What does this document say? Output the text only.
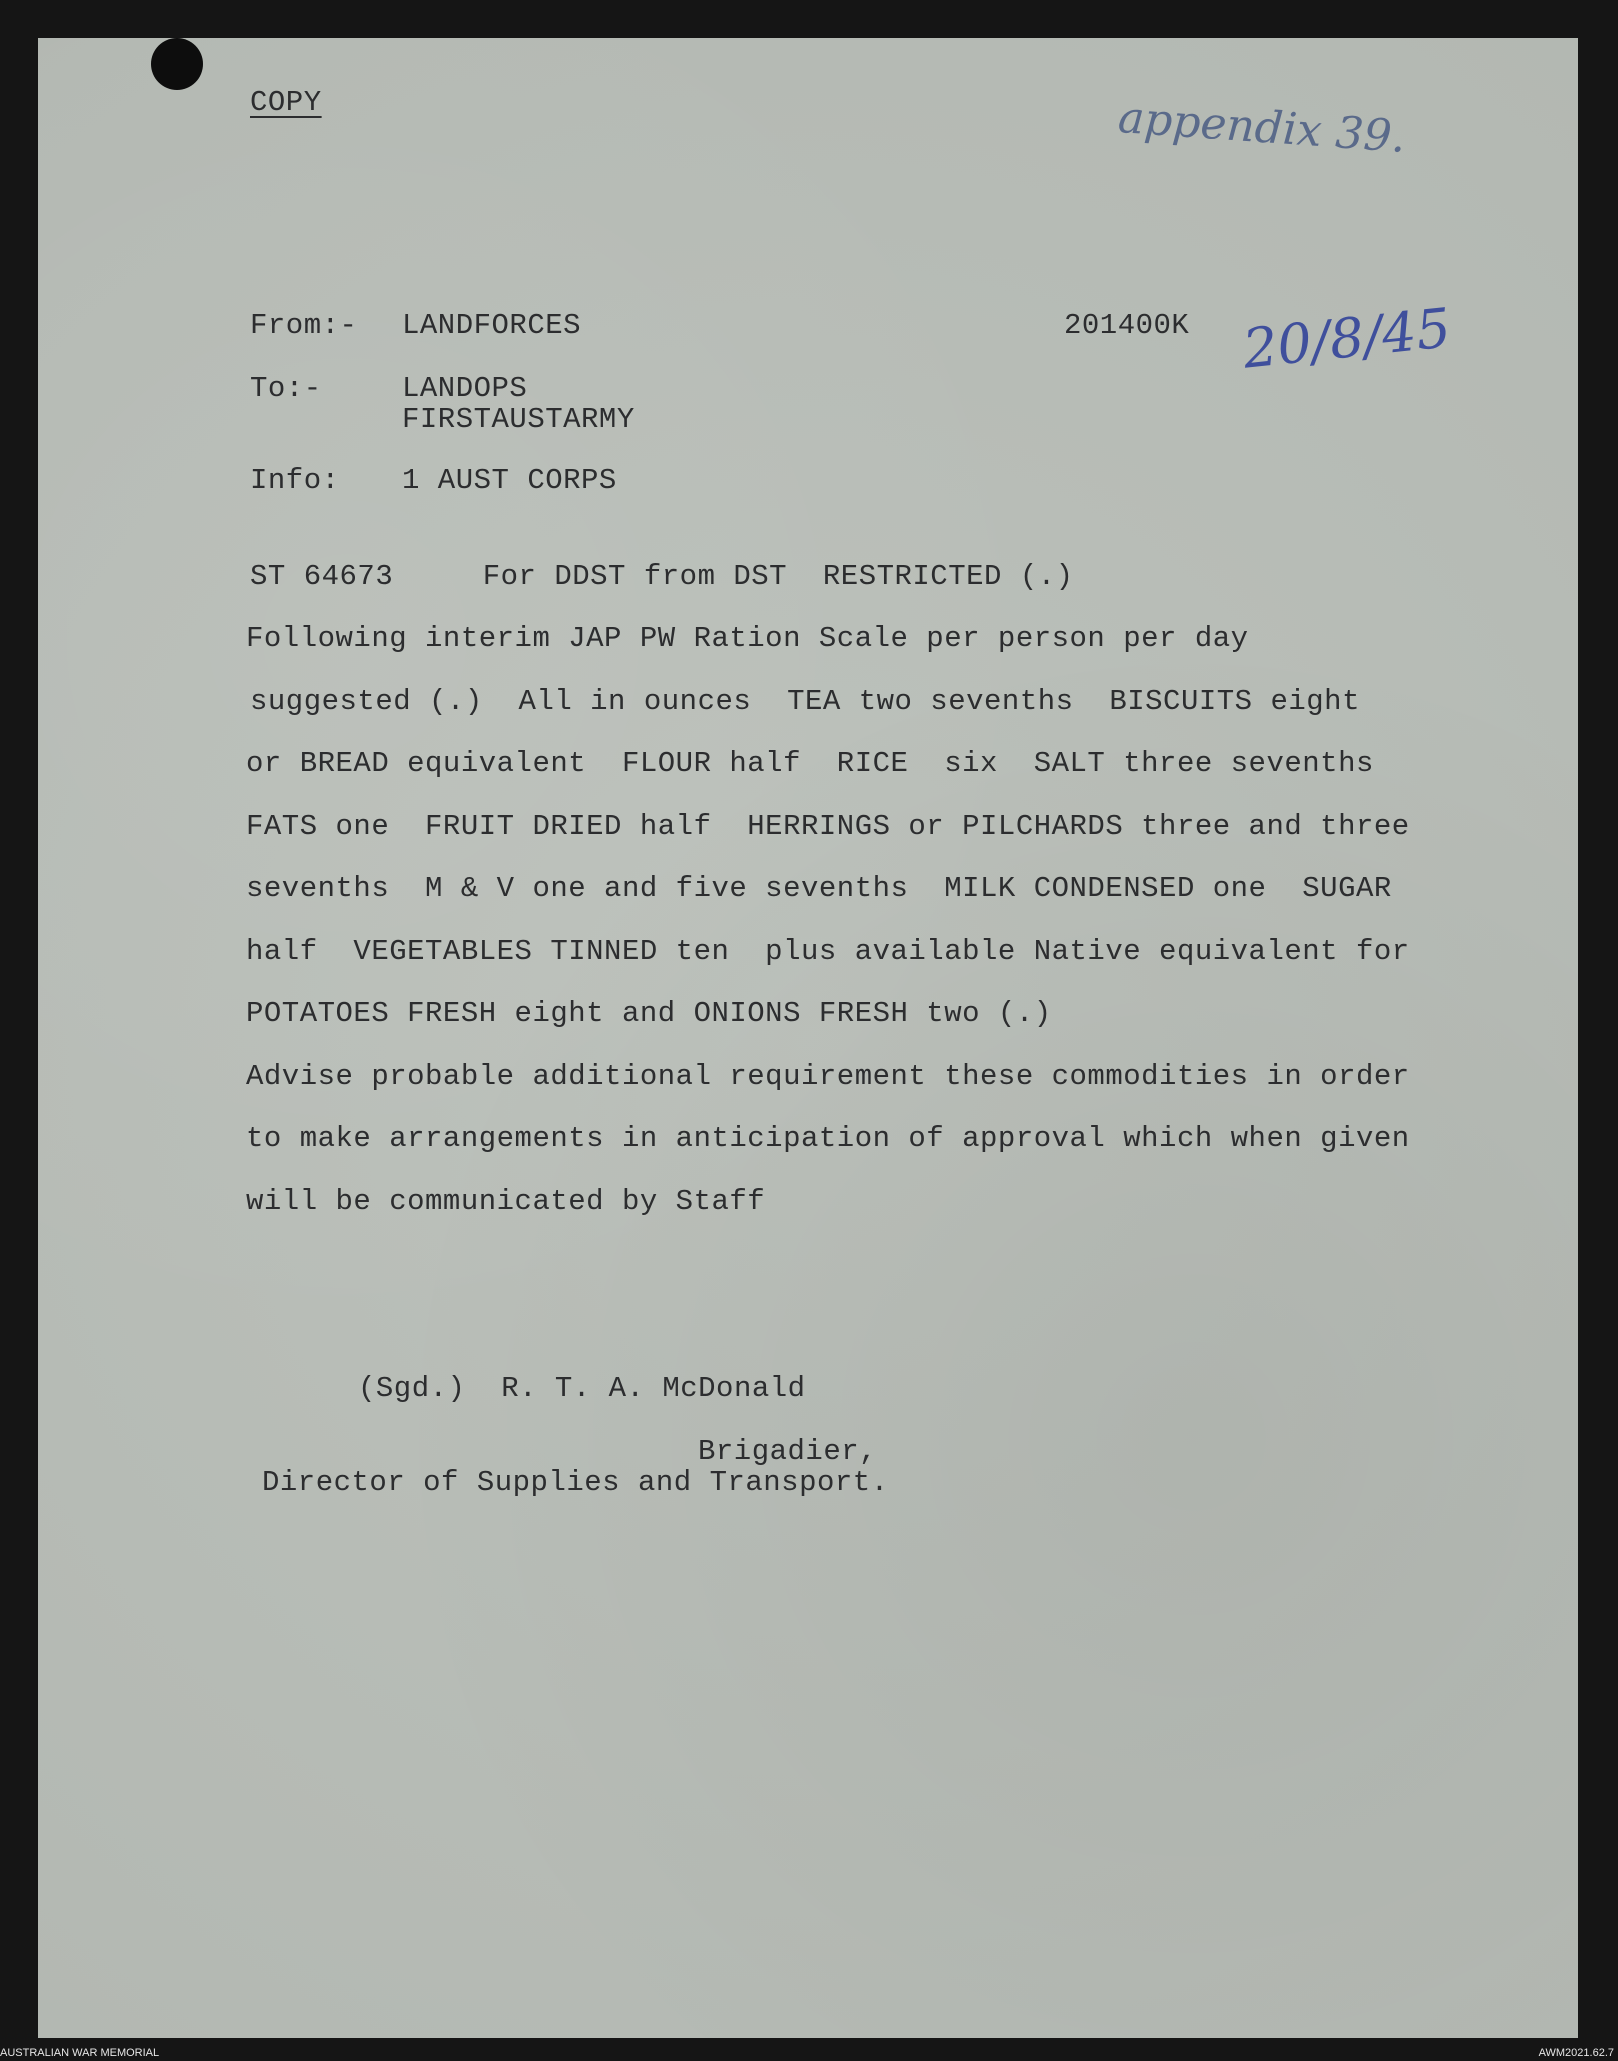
COPY	appendix 39.
From:- LANDFORCES	201400K 20/8/45
To:-	LANDOPS
FIRSTAUSTARMY
Info: 1 AUST CORPS
ST 64673     For DDST from DST  RESTRICTED (.)
Following interim JAP PW Ration Scale per person per day
suggested (.)  All in ounces  TEA two sevenths  BISCUITS eight
or BREAD equivalent  FLOUR half  RICE  six  SALT three sevenths
FATS one  FRUIT DRIED half  HERRINGS or PILCHARDS three and three
sevenths  M & V one and five sevenths  MILK CONDENSED one  SUGAR
half  VEGETABLES TINNED ten  plus available Native equivalent for
POTATOES FRESH eight and ONIONS FRESH two (.)
Advise probable additional requirement these commodities in order
to make arrangements in anticipation of approval which when given
will be communicated by Staff
(Sgd.)  R. T. A. McDonald
Brigadier,
Director of Supplies and Transport.
AUSTRALIAN WAR MEMORIAL	AWM2021.62.7
